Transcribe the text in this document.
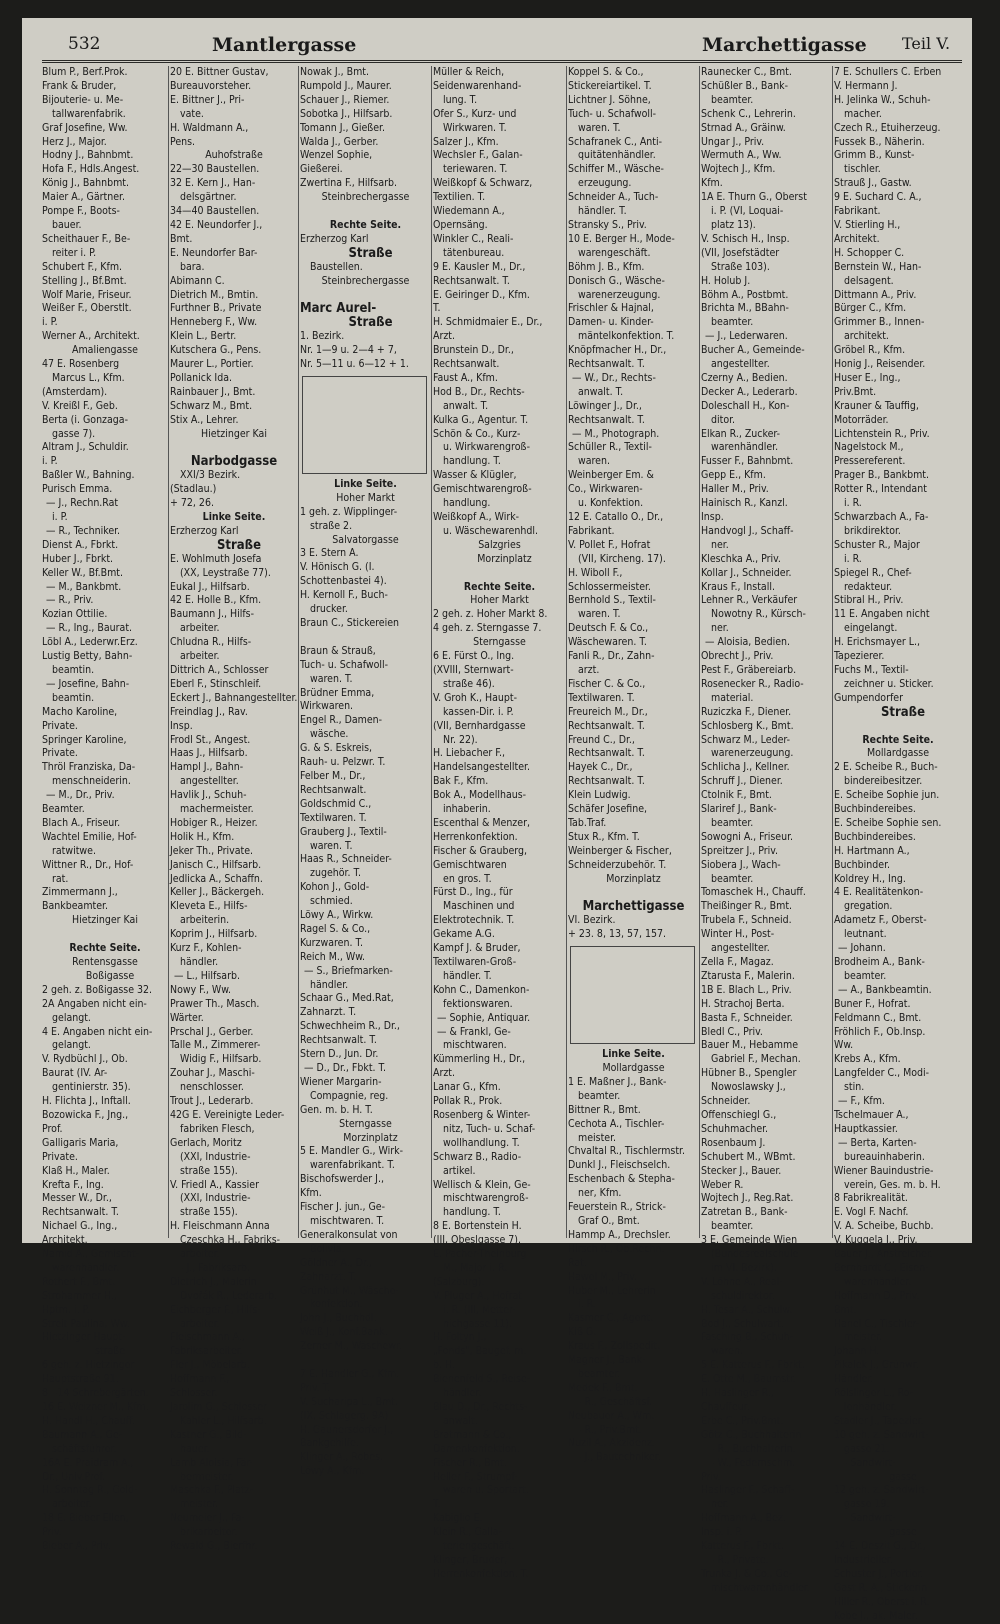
532	Mantlergasse	Marchettigasse Teil V.
Blum P., Berf.Prok.
Frank & Bruder,
Bijouterie- u. Me-
tallwarenfabrik.
Graf Josefine, Ww.
Herz J., Major.
Hodny J., Bahnbmt.
Hofa F., Hdls.Angest.
König J., Bahnbmt.
Maier A., Gärtner.
Pompe F., Boots-
bauer.
Scheithauer F., Be-
reiter i. P.
Schubert F., Kfm.
Stelling J., Bf.Bmt.
Wolf Marie, Friseur.
Weißer F., Oberstlt.
i. P.
Werner A., Architekt.
Amaliengasse
47 E. Rosenberg
Marcus L., Kfm.
(Amsterdam).
V. Kreißl F., Geb.
Berta (i. Gonzaga-
gasse 7).
Altram J., Schuldir.
i. P.
Baßler W., Bahning.
Purisch Emma.
— J., Rechn.Rat
i. P.
— R., Techniker.
Dienst A., Fbrkt.
Huber J., Fbrkt.
Keller W., Bf.Bmt.
— M., Bankbmt.
— R., Priv.
Kozian Ottilie.
— R., Ing., Baurat.
Löbl A., Lederwr.Erz.
Lustig Betty, Bahn-
beamtin.
— Josefine, Bahn-
beamtin.
Macho Karoline,
Private.
Springer Karoline,
Private.
Thröl Franziska, Da-
menschneiderin.
— M., Dr., Priv.
Beamter.
Blach A., Friseur.
Wachtel Emilie, Hof-
ratwitwe.
Wittner R., Dr., Hof-
rat.
Zimmermann J.,
Bankbeamter.
Hietzinger Kai

Rechte Seite.
Rentensgasse
Boßigasse
2 geh. z. Boßigasse 32.
2A Angaben nicht ein-
gelangt.
4 E. Angaben nicht ein-
gelangt.
V. Rydbüchl J., Ob.
Baurat (IV. Ar-
gentinierstr. 35).
H. Flichta J., Inftall.
Bozowicka F., Jng.,
Prof.
Galligaris Maria,
Private.
Klaß H., Maler.
Krefta F., Ing.
Messer W., Dr.,
Rechtsanwalt. T.
Nichael G., Ing.,
Architekt.
Namid A., Gemischt-
warenhändler.
Rothert F., Bmt.
Strohammer H.,
Hptm. i. P.
Streit Paulina, Ww.
Hietzinger Haupt-
straße
6 geh. z. Hietzinger
Hauptstraße 91.
8—14 Schrebergärten.
16 E. Weizner M., Kfm.
H. Handl H., Chauff.
Baumann A., Ge-
schäftsführer.
16A E. Praidram A.,
Dr., Univ.Prof.
H. Sonntag R., Gold-
arbeiter.
18 E. Bieber Ellen,
Priv.
Bieber A., Priv.
20 E. Bittner Gustav,
Bureauvorsteher.
E. Bittner J., Pri-
vate.
H. Waldmann A.,
Pens.
Auhofstraße
22—30 Baustellen.
32 E. Kern J., Han-
delsgärtner.
34—40 Baustellen.
42 E. Neundorfer J.,
Bmt.
E. Neundorfer Bar-
bara.
Abimann C.
Dietrich M., Bmtin.
Furthner B., Private
Henneberg F., Ww.
Klein L., Bertr.
Kutschera G., Pens.
Maurer L., Portier.
Pollanick Ida.
Rainbauer J., Bmt.
Schwarz M., Bmt.
Stix A., Lehrer.
Hietzinger Kai

Narbodgasse
XXI/3 Bezirk.
(Stadlau.)
+ 72, 26.
Linke Seite.
Erzherzog Karl
Straße
E. Wohlmuth Josefa
(XX, Leystraße 77).
Eukal J., Hilfsarb.
42 E. Holle B., Kfm.
Baumann J., Hilfs-
arbeiter.
Chludna R., Hilfs-
arbeiter.
Dittrich A., Schlosser
Eberl F., Stinschleif.
Eckert J., Bahnangestellter.
Freindlag J., Rav.
Insp.
Frodl St., Angest.
Haas J., Hilfsarb.
Hampl J., Bahn-
angestellter.
Havlik J., Schuh-
machermeister.
Hobiger R., Heizer.
Holik H., Kfm.
Jeker Th., Private.
Janisch C., Hilfsarb.
Jedlicka A., Schaffn.
Keller J., Bäckergeh.
Kleveta E., Hilfs-
arbeiterin.
Koprim J., Hilfsarb.
Kurz F., Kohlen-
händler.
— L., Hilfsarb.
Nowy F., Ww.
Prawer Th., Masch.
Wärter.
Prschal J., Gerber.
Talle M., Zimmerer-
Widig F., Hilfsarb.
Zouhar J., Maschi-
nenschlosser.
Trout J., Lederarb.
42G E. Vereinigte Leder-
fabriken Flesch,
Gerlach, Moritz
(XXI, Industrie-
straße 155).
V. Friedl A., Kassier
(XXI, Industrie-
straße 155).
H. Fleischmann Anna
Czeschka H., Fabriks-
arbeiter.
— J., Fabriksarb.
Dietrich J., Malerin
Dvořák R., Lederarb.
Eichberger F., Hilfs-
arbeiter.
Fleischmann A.,
Fabriksarbeiter.
Fler J., Möbelarb.
Hoffmann F.,
Schlosser.
Jarolim G., Schlosser
Kahler L., Hilfsarb.
Kastner G., Bild-
hauer.
Lamb Aloisia, Fär-
bermeister.
Maschka F., Platz-
meister.
Neumeier J., Fa-
brikarbeiter.
Rewald G., Bierfhr.
Nowak J., Bmt.
Rumpold J., Maurer.
Schauer J., Riemer.
Sobotka J., Hilfsarb.
Tomann J., Gießer.
Walda J., Gerber.
Wenzel Sophie,
Gießerei.
Zwertina F., Hilfsarb.
Steinbrechergasse

Rechte Seite.
Erzherzog Karl
Straße
Baustellen.
Steinbrechergasse

Marc Aurel-
Straße
1. Bezirk.
Nr. 1—9 u. 2—4 + 7,
Nr. 5—11 u. 6—12 + 1.
Linke Seite.
Hoher Markt
1 geh. z. Wipplinger-
straße 2.
Salvatorgasse
3 E. Stern A.
V. Hönisch G. (I.
Schottenbastei 4).
H. Kernoll F., Buch-
drucker.
Braun C., Stickereien

Braun & Strauß,
Tuch- u. Schafwoll-
waren. T.
Brüdner Emma,
Wirkwaren.
Engel R., Damen-
wäsche.
G. & S. Eskreis,
Rauh- u. Pelzwr. T.
Felber M., Dr.,
Rechtsanwalt.
Goldschmid C.,
Textilwaren. T.
Grauberg J., Textil-
waren. T.
Haas R., Schneider-
zugehör. T.
Kohon J., Gold-
schmied.
Löwy A., Wirkw.
Ragel S. & Co.,
Kurzwaren. T.
Reich M., Ww.
— S., Briefmarken-
händler.
Schaar G., Med.Rat,
Zahnarzt. T.
Schwechheim R., Dr.,
Rechtsanwalt. T.
Stern D., Jun. Dr.
— D., Dr., Fbkt. T.
Wiener Margarin-
Compagnie, reg.
Gen. m. b. H. T.
Sterngasse
Morzinplatz
5 E. Mandler G., Wirk-
warenfabrikant. T.
Bischofswerder J.,
Kfm.
Fischer J. jun., Ge-
mischtwaren. T.
Generalkonsulat von
Bolivia.
Göldner A., Dr.,
Zahnarzt. T.
Grünhut M., Wäsche-
konfektion.
John J., Buchhdl.
Weiß J., Konf.Bank.
Zerner M., Wäschewr.

7 E. Handler G., Kfm.
Priv. T.
V. Sucharipa L., Bmt.
(IX, Schlagerg. 9A)
H. Gaunersdorfer J.,
Bankgehilfe.
Klinger A., Robes.
Löwy A., Kfm.
Müller & Reich,
Seidenwarenhand-
lung. T.
Ofer S., Kurz- und
Wirkwaren. T.
Salzer J., Kfm.
Wechsler F., Galan-
teriewaren. T.
Weißkopf & Schwarz,
Textilien. T.
Wiedemann A.,
Opernsäng.
Winkler C., Reali-
tätenbureau.
9 E. Kausler M., Dr.,
Rechtsanwalt. T.
E. Geiringer D., Kfm.
T.
H. Schmidmaier E., Dr.,
Arzt.
Brunstein D., Dr.,
Rechtsanwalt.
Faust A., Kfm.
Hod B., Dr., Rechts-
anwalt. T.
Kulka G., Agentur. T.
Schön & Co., Kurz-
u. Wirkwarengroß-
handlung. T.
Wasser & Klügler,
Gemischtwarengroß-
handlung.
Weißkopf A., Wirk-
u. Wäschewarenhdl.
Salzgries
Morzinplatz

Rechte Seite.
Hoher Markt
2 geh. z. Hoher Markt 8.
4 geh. z. Sterngasse 7.
Sterngasse
6 E. Fürst O., Ing.
(XVIII, Sternwart-
straße 46).
V. Groh K., Haupt-
kassen-Dir. i. P.
(VII, Bernhardgasse
Nr. 22).
H. Liebacher F.,
Handelsangestellter.
Bak F., Kfm.
Bok A., Modellhaus-
inhaberin.
Escenthal & Menzer,
Herrenkonfektion.
Fischer & Grauberg,
Gemischtwaren
en gros. T.
Fürst D., Ing., für
Maschinen und
Elektrotechnik. T.
Gekame A.G.
Kampf J. & Bruder,
Textilwaren-Groß-
händler. T.
Kohn C., Damenkon-
fektionswaren.
— Sophie, Antiquar.
— & Frankl, Ge-
mischtwaren.
Kümmerling H., Dr.,
Arzt.
Lanar G., Kfm.
Pollak R., Prok.
Rosenberg & Winter-
nitz, Tuch- u. Schaf-
wollhandlung. T.
Schwarz B., Radio-
artikel.
Wellisch & Klein, Ge-
mischtwarengroß-
handlung. T.
8 E. Bortenstein H.
(III, Obeslgasse 7).
E. Pacher-Theinburg
M., Major i. R.
(Salzburg).
V. Pluger A., Hofrat
i. R. (III, Metter-
nichgasse 11).
H. Foltyn J.,
„Fonds", Baugef. m.
b. H.
Bienenfeld S., Reise-
händler.
Blau D., Dr., Rechts-
anwalt.
Bratmann & Co.,
Damenkonfektion.
Fischer R., Bmt.
Heller F., Strumpf-
waren u. Sportart.
T.
Kabiglio E.
Klein R., Galla-
teriengeschäft.
Klinger, Bruder,
Herrenkonfektion. T.
Koppel S. & Co.,
Stickereiartikel. T.
Lichtner J. Söhne,
Tuch- u. Schafwoll-
waren. T.
Schafranek C., Anti-
quitätenhändler.
Schiffer M., Wäsche-
erzeugung.
Schneider A., Tuch-
händler. T.
Stransky S., Priv.
10 E. Berger H., Mode-
warengeschäft.
Böhm J. B., Kfm.
Donisch G., Wäsche-
warenerzeugung.
Frischler & Hajnal,
Damen- u. Kinder-
mäntelkonfektion. T.
Knöpfmacher H., Dr.,
Rechtsanwalt. T.
— W., Dr., Rechts-
anwalt. T.
Löwinger J., Dr.,
Rechtsanwalt. T.
— M., Photograph.
Schüller R., Textil-
waren.
Weinberger Em. &
Co., Wirkwaren-
u. Konfektion.
12 E. Catallo O., Dr.,
Fabrikant.
V. Pollet F., Hofrat
(VII, Kircheng. 17).
H. Wiboll F.,
Schlossermeister.
Bernhold S., Textil-
waren. T.
Deutsch F. & Co.,
Wäschewaren. T.
Fanli R., Dr., Zahn-
arzt.
Fischer C. & Co.,
Textilwaren. T.
Freureich M., Dr.,
Rechtsanwalt. T.
Freund C., Dr.,
Rechtsanwalt. T.
Hayek C., Dr.,
Rechtsanwalt. T.
Klein Ludwig.
Schäfer Josefine,
Tab.Traf.
Stux R., Kfm. T.
Weinberger & Fischer,
Schneiderzubehör. T.
Morzinplatz

Marchettigasse
VI. Bezirk.
+ 23. 8, 13, 57, 157.
Linke Seite.
Mollardgasse
1 E. Maßner J., Bank-
beamter.
Bittner R., Bmt.
Cechota A., Tischler-
meister.
Chvaltal R., Tischlermstr.
Dunkl J., Fleischselch.
Eschenbach & Stepha-
ner, Kfm.
Feuerstein R., Strick-
Graf O., Bmt.
Hammp A., Drechsler.
Hirsch R., Ob.Rechn.
Rat.
Hawel M., Priv.
Huber M., Lehrerin
i. R.
Kasmer C., Agent.
Kiß G.
Kraus F., Zollspedit.
Magner J., Bank-
beamter.
Medek F., Bmt.
— R., Geschäftsf.
Neubauer A., Wm.
— R., Priv.Bmt.
Nuzil A., Akzidenz.
— J., Bautechniker.
Raunecker C., Bmt.
Schüßler B., Bank-
beamter.
Schenk C., Lehrerin.
Strnad A., Gräinw.
Ungar J., Priv.
Wermuth A., Ww.
Wojtech J., Kfm.
Kfm.
1A E. Thurn G., Oberst
i. P. (VI, Loquai-
platz 13).
V. Schisch H., Insp.
(VII, Josefstädter
Straße 103).
H. Holub J.
Böhm A., Postbmt.
Brichta M., BBahn-
beamter.
— J., Lederwaren.
Bucher A., Gemeinde-
angestellter.
Czerny A., Bedien.
Decker A., Lederarb.
Doleschall H., Kon-
ditor.
Elkan R., Zucker-
warenhändler.
Fusser F., Bahnbmt.
Gepp E., Kfm.
Haller M., Priv.
Hainisch R., Kanzl.
Insp.
Handvogl J., Schaff-
ner.
Kleschka A., Priv.
Kollar J., Schneider.
Kraus F., Install.
Lehner R., Verkäufer
Nowotny R., Kürsch-
ner.
— Aloisia, Bedien.
Obrecht J., Priv.
Pest F., Gräbereiarb.
Rosenecker R., Radio-
material.
Ruziczka F., Diener.
Schlosberg K., Bmt.
Schwarz M., Leder-
warenerzeugung.
Schlicha J., Kellner.
Schruff J., Diener.
Ctolnik F., Bmt.
Slariref J., Bank-
beamter.
Sowogni A., Friseur.
Spreitzer J., Priv.
Siobera J., Wach-
beamter.
Tomaschek H., Chauff.
Theißinger R., Bmt.
Trubela F., Schneid.
Winter H., Post-
angestellter.
Zella F., Magaz.
Ztarusta F., Malerin.
1B E. Blach L., Priv.
H. Strachoj Berta.
Basta F., Schneider.
Bledl C., Priv.
Bauer M., Hebamme
Gabriel F., Mechan.
Hübner B., Spengler
Nowoslawsky J.,
Schneider.
Offenschiegl G.,
Schuhmacher.
Rosenbaum J.
Schubert M., WBmt.
Stecker J., Bauer.
Weber R.
Wojtech J., Reg.Rat.
Zatretan B., Bank-
beamter.
3 E. Gemeinde Wien
(Bundesrealschule
im VI. Bezirk).
V. Löhne A., Real-
schuldirektor.
H. Tesar A., Schulw.
Bod J., Schulwart.
Fasching B., Schuh-
waren.
5 E. Katterus F., Fbrkt.
E. Otte M., Baumstr.
H. Haslinger R.,
Chauffeur.
Erbe C., Priv.Bmt.
Götz C., Buchhalterin
— R., Buchhalterin.
— W., Federnschm.
Priv.
Haslinger F., Schaff-
ner.
Hoffmann A., Bez.
Insp. i. P.
Katterus F., Fbrkt.
— R., Private.
Trunka J. & Co., Ge-
mischtwarenhändler.
7 E. Schullers C. Erben
V. Hermann J.
H. Jelinka W., Schuh-
macher.
Czech R., Etuiherzeug.
Fussek B., Näherin.
Grimm B., Kunst-
tischler.
Strauß J., Gastw.
9 E. Suchard C. A.,
Fabrikant.
V. Stierling H.,
Architekt.
H. Schopper C.
Bernstein W., Han-
delsagent.
Dittmann A., Priv.
Bürger C., Kfm.
Grimmer B., Innen-
architekt.
Gröbel R., Kfm.
Honig J., Reisender.
Huser E., Ing.,
Priv.Bmt.
Krauner & Tauffig,
Motorräder.
Lichtenstein R., Priv.
Nagelstock M.,
Pressereferent.
Prager B., Bankbmt.
Rotter R., Intendant
i. R.
Schwarzbach A., Fa-
brikdirektor.
Schuster R., Major
i. R.
Spiegel R., Chef-
redakteur.
Stibral H., Priv.
11 E. Angaben nicht
eingelangt.
H. Erichsmayer L.,
Tapezierer.
Fuchs M., Textil-
zeichner u. Sticker.
Gumpendorfer
Straße

Rechte Seite.
Mollardgasse
2 E. Scheibe R., Buch-
bindereibesitzer.
E. Scheibe Sophie jun.
Buchbindereibes.
E. Scheibe Sophie sen.
Buchbindereibes.
H. Hartmann A.,
Buchbinder.
Koldrey H., Ing.
4 E. Realitätenkon-
gregation.
Adametz F., Oberst-
leutnant.
— Johann.
Brodheim A., Bank-
beamter.
— A., Bankbeamtin.
Buner F., Hofrat.
Feldmann C., Bmt.
Fröhlich F., Ob.Insp.
Ww.
Krebs A., Kfm.
Langfelder C., Modi-
stin.
— F., Kfm.
Tschelmauer A.,
Hauptkassier.
— Berta, Karten-
bureauinhaberin.
Wiener Bauindustrie-
verein, Ges. m. b. H.
8 Fabrikrealität.
E. Vogl F. Nachf.
V. A. Scheibe, Buchb.
V. Kuggela J., Priv.
Bauer J., Anstreicher.
Bernhardt C., Eisen-
warenhändler.
Hoffmann D., Priv.
Bmt.
Hanel C., Tischler-
meister.
Johann H.
Pikalek J., Grünwr.
Händler.
Rölslinger L., Ro-
lenhändler.
Stadler J., Tapezier.
10 geh. z. Sandwirt-
gasse 21.
— Sandwirt-
gasse
12 geh. z. Sandwirt-
gasse 19.
— Sandwirt-
gasse
14 E. Deszit G., Dr.,
Industrieller.
Schuster J., Portier.
Gast R. A., Stickerin
Hiller R., Oberst i. R.
Kobe J., ak. Maler.
